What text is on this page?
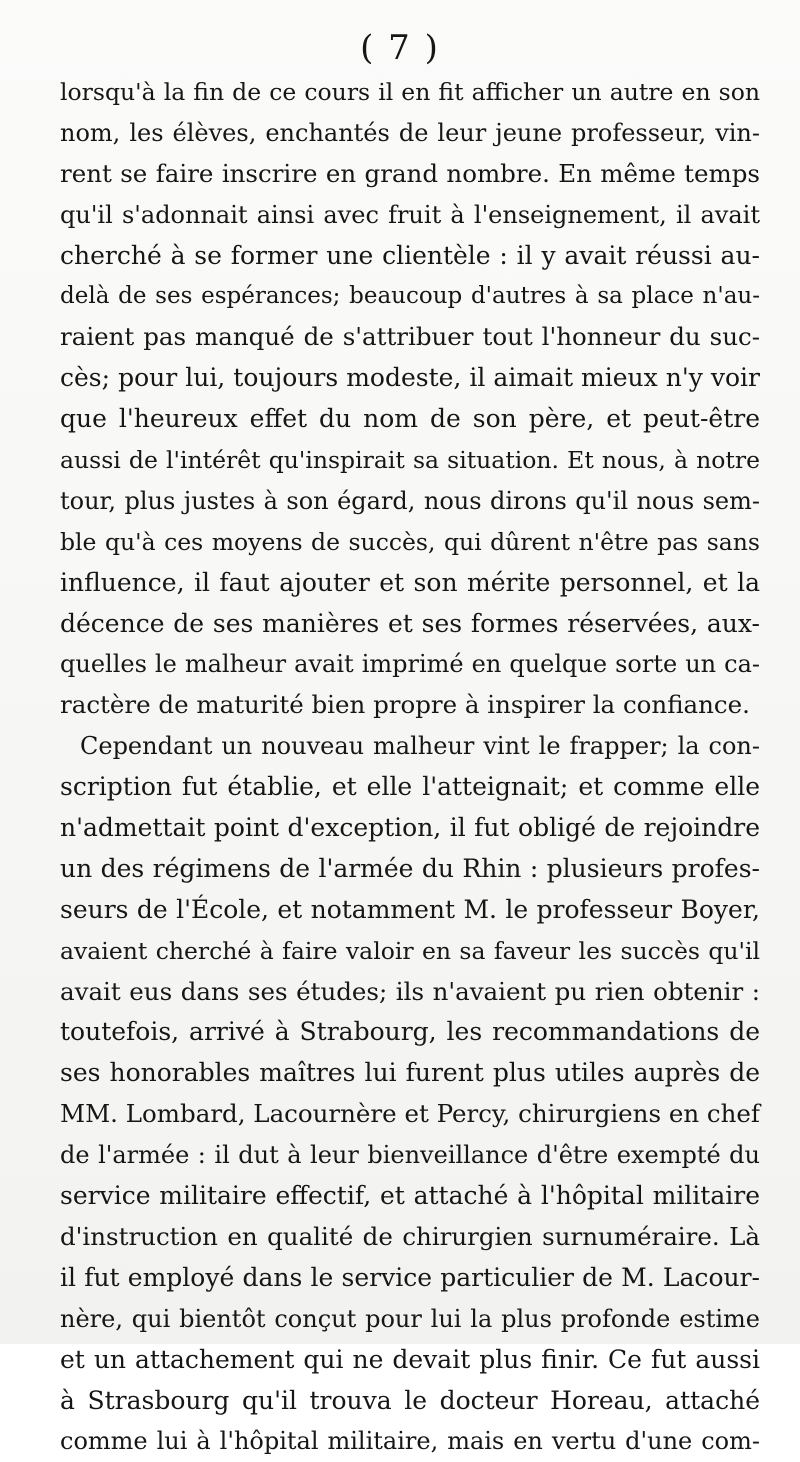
( 7 )
lorsqu'à la fin de ce cours il en fit afficher un autre en son
nom, les élèves, enchantés de leur jeune professeur, vin-
rent se faire inscrire en grand nombre. En même temps
qu'il s'adonnait ainsi avec fruit à l'enseignement, il avait
cherché à se former une clientèle : il y avait réussi au-
delà de ses espérances; beaucoup d'autres à sa place n'au-
raient pas manqué de s'attribuer tout l'honneur du suc-
cès; pour lui, toujours modeste, il aimait mieux n'y voir
que l'heureux effet du nom de son père, et peut-être
aussi de l'intérêt qu'inspirait sa situation. Et nous, à notre
tour, plus justes à son égard, nous dirons qu'il nous sem-
ble qu'à ces moyens de succès, qui dûrent n'être pas sans
influence, il faut ajouter et son mérite personnel, et la
décence de ses manières et ses formes réservées, aux-
quelles le malheur avait imprimé en quelque sorte un ca-
ractère de maturité bien propre à inspirer la confiance.
Cependant un nouveau malheur vint le frapper; la con-
scription fut établie, et elle l'atteignait; et comme elle
n'admettait point d'exception, il fut obligé de rejoindre
un des régimens de l'armée du Rhin : plusieurs profes-
seurs de l'École, et notamment M. le professeur Boyer,
avaient cherché à faire valoir en sa faveur les succès qu'il
avait eus dans ses études; ils n'avaient pu rien obtenir :
toutefois, arrivé à Strabourg, les recommandations de
ses honorables maîtres lui furent plus utiles auprès de
MM. Lombard, Lacournère et Percy, chirurgiens en chef
de l'armée : il dut à leur bienveillance d'être exempté du
service militaire effectif, et attaché à l'hôpital militaire
d'instruction en qualité de chirurgien surnuméraire. Là
il fut employé dans le service particulier de M. Lacour-
nère, qui bientôt conçut pour lui la plus profonde estime
et un attachement qui ne devait plus finir. Ce fut aussi
à Strasbourg qu'il trouva le docteur Horeau, attaché
comme lui à l'hôpital militaire, mais en vertu d'une com-
